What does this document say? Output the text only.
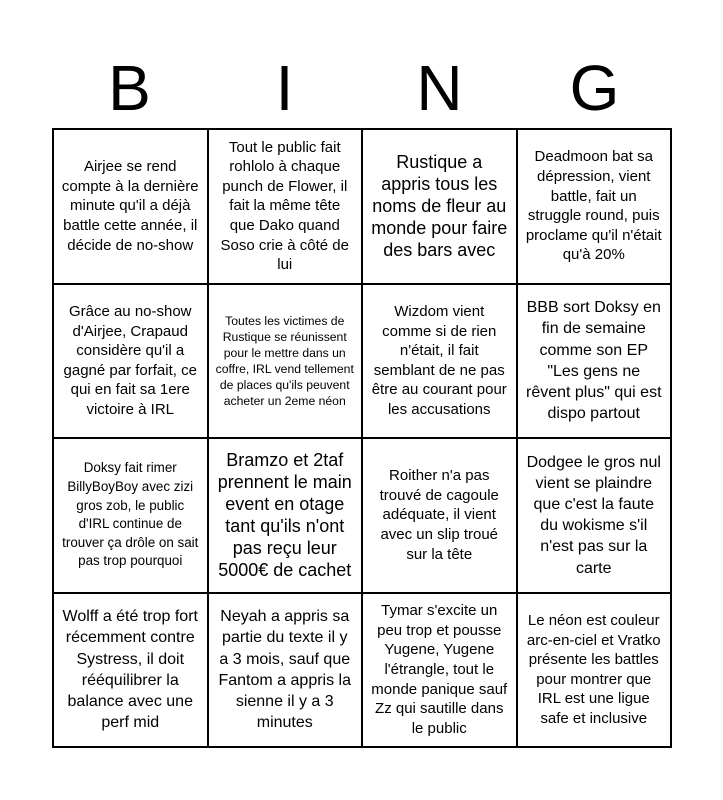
B	I	N	G
Airjee se rend compte à la dernière minute qu'il a déjà battle cette année, il décide de no-show
Tout le public fait rohlolo à chaque punch de Flower, il fait la même tête que Dako quand Soso crie à côté de lui
Rustique a appris tous les noms de fleur au monde pour faire des bars avec
Deadmoon bat sa dépression, vient battle, fait un struggle round, puis proclame qu'il n'était qu'à 20%
Grâce au no-show d'Airjee, Crapaud considère qu'il a gagné par forfait, ce qui en fait sa 1ere victoire à IRL
Toutes les victimes de Rustique se réunissent pour le mettre dans un coffre, IRL vend tellement de places qu'ils peuvent acheter un 2eme néon
Wizdom vient comme si de rien n'était, il fait semblant de ne pas être au courant pour les accusations
BBB sort Doksy en fin de semaine comme son EP "Les gens ne rêvent plus" qui est dispo partout
Doksy fait rimer BillyBoyBoy avec zizi gros zob, le public d'IRL continue de trouver ça drôle on sait pas trop pourquoi
Bramzo et 2taf prennent le main event en otage tant qu'ils n'ont pas reçu leur 5000€ de cachet
Roither n'a pas trouvé de cagoule adéquate, il vient avec un slip troué sur la tête
Dodgee le gros nul vient se plaindre que c'est la faute du wokisme s'il n'est pas sur la carte
Wolff a été trop fort récemment contre Systress, il doit rééquilibrer la balance avec une perf mid
Neyah a appris sa partie du texte il y a 3 mois, sauf que Fantom a appris la sienne il y a 3 minutes
Tymar s'excite un peu trop et pousse Yugene, Yugene l'étrangle, tout le monde panique sauf Zz qui sautille dans le public
Le néon est couleur arc-en-ciel et Vratko présente les battles pour montrer que IRL est une ligue safe et inclusive
